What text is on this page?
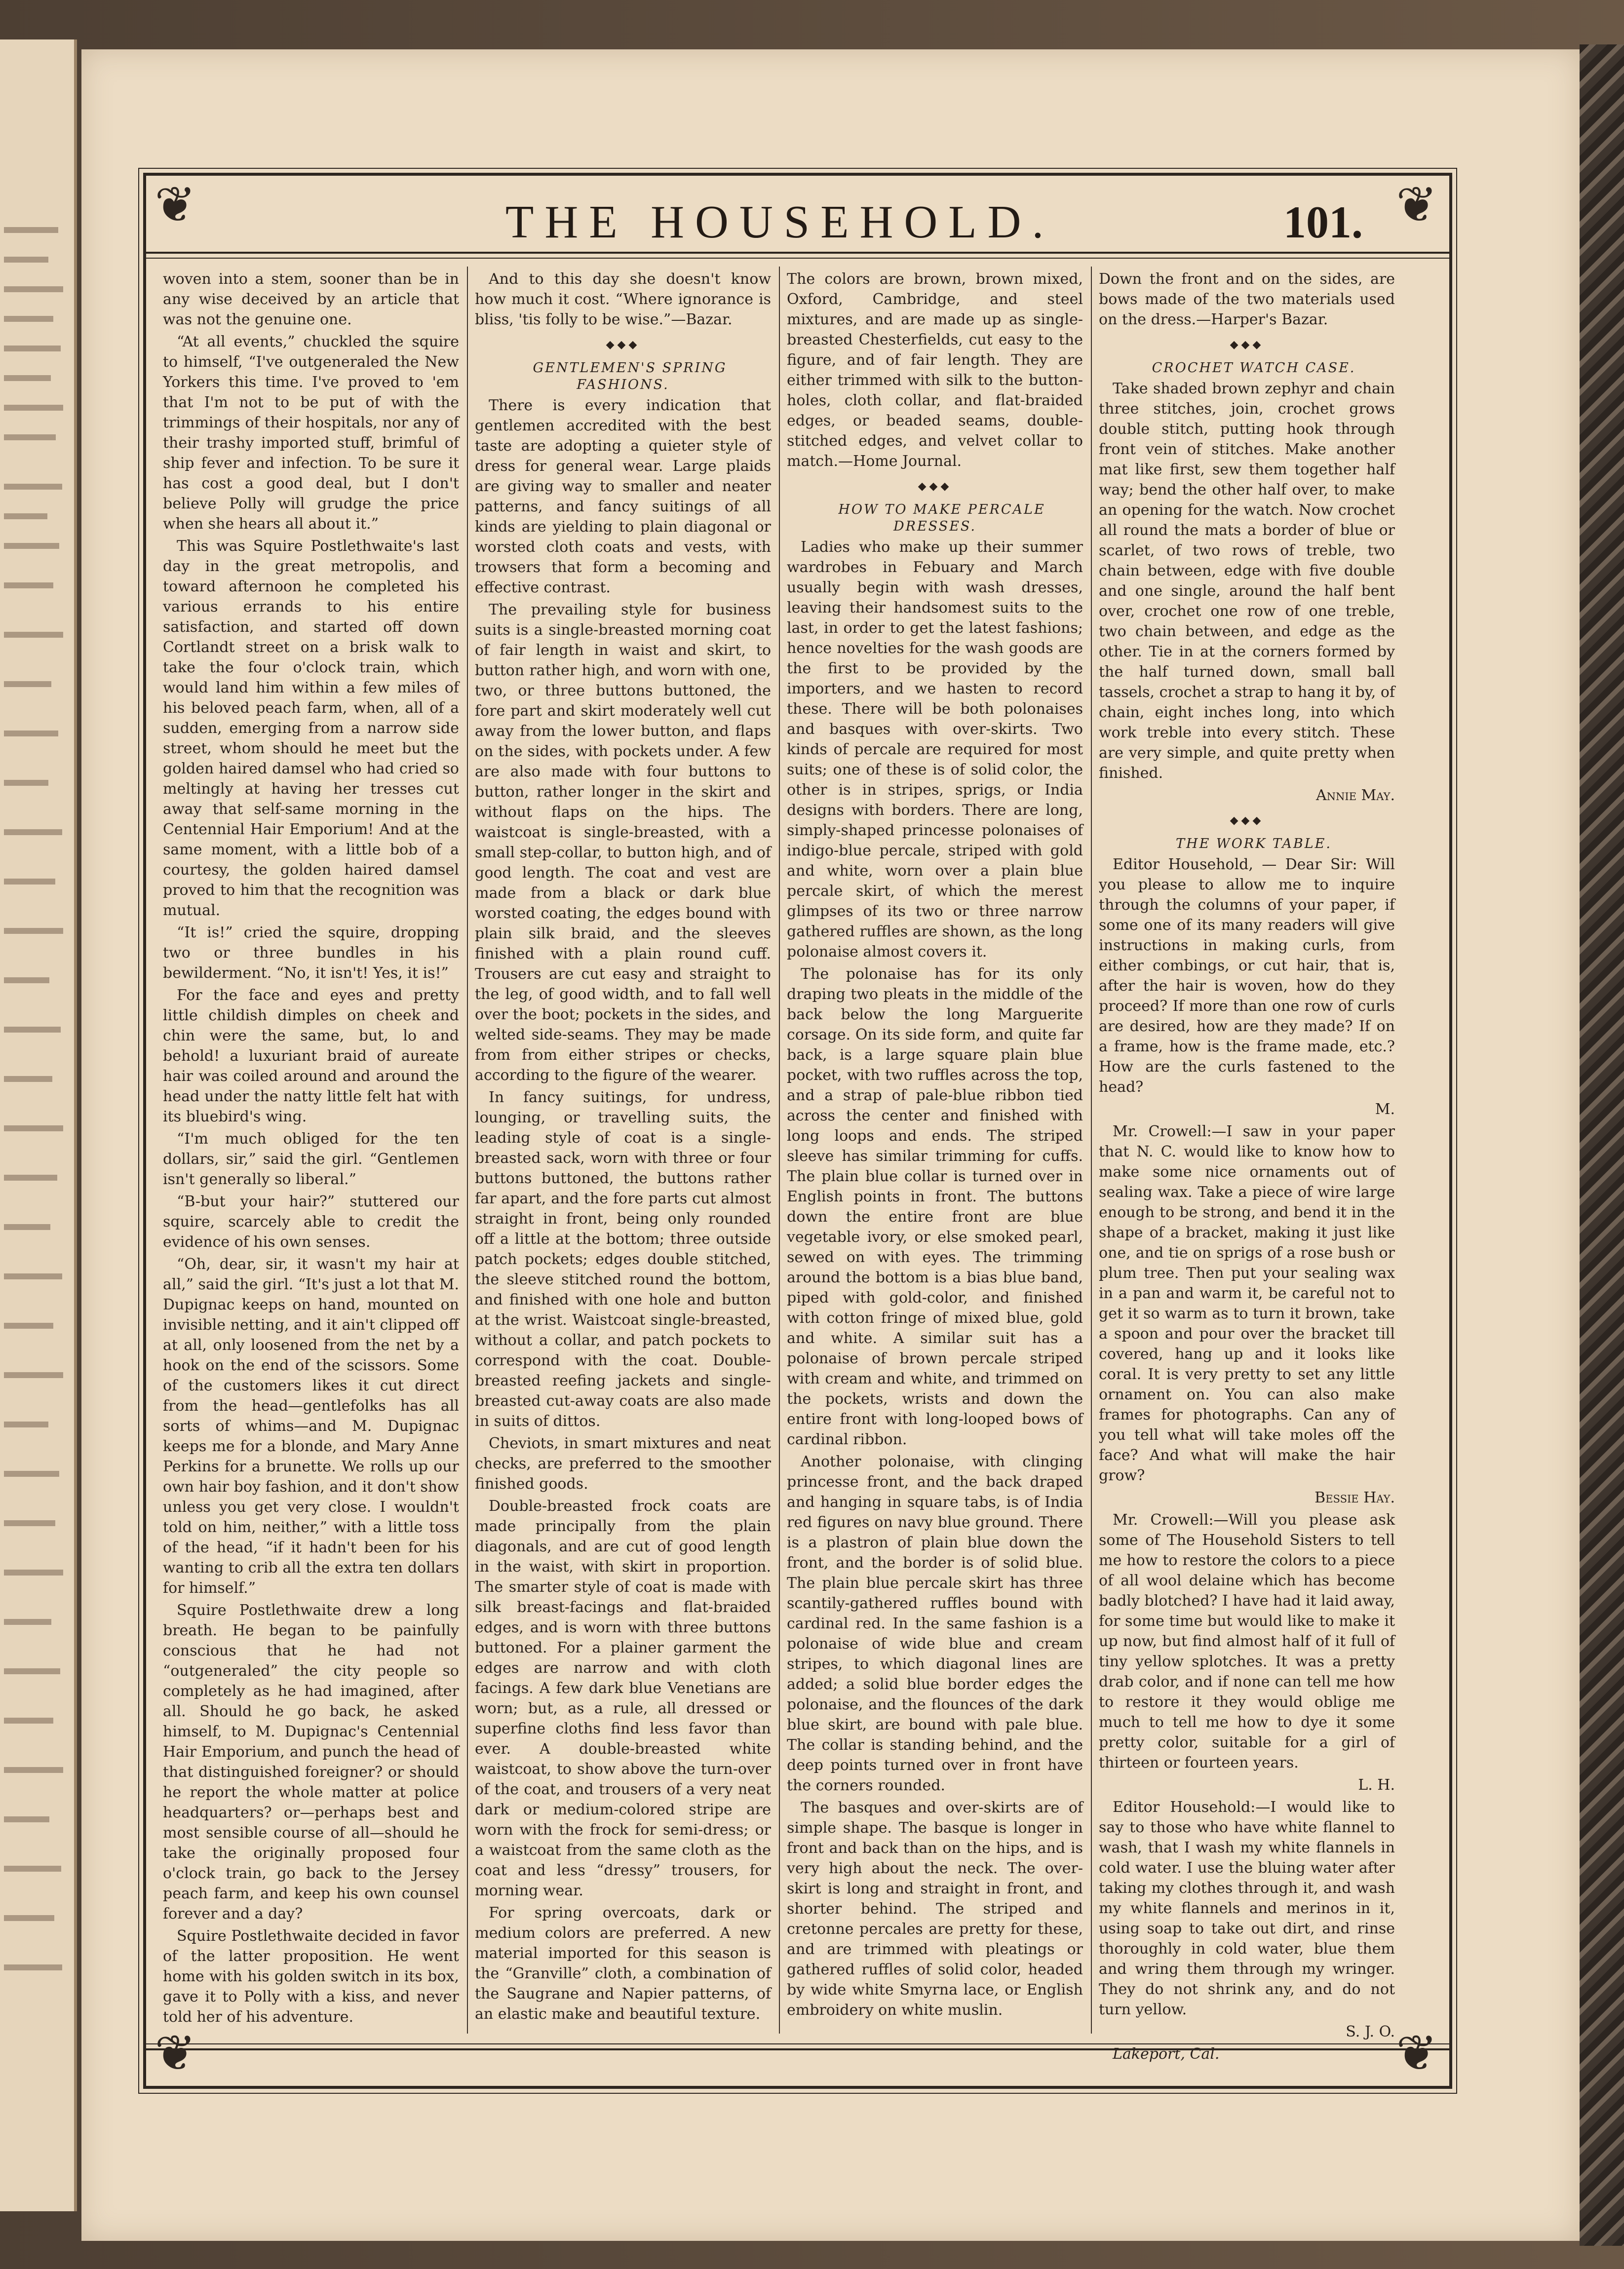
❦	❦
❦	❦
THE HOUSEHOLD.	101.

woven into a stem, sooner than be in any wise deceived by an article that was not the genuine one.

“At all events,” chuckled the squire to himself, “I've outgeneraled the New Yorkers this time. I've proved to 'em that I'm not to be put of with the trimmings of their hospitals, nor any of their trashy imported stuff, brimful of ship fever and infection. To be sure it has cost a good deal, but I don't believe Polly will grudge the price when she hears all about it.”

This was Squire Postlethwaite's last day in the great metropolis, and toward afternoon he completed his various errands to his entire satisfaction, and started off down Cortlandt street on a brisk walk to take the four o'clock train, which would land him within a few miles of his beloved peach farm, when, all of a sudden, emerging from a narrow side street, whom should he meet but the golden haired damsel who had cried so meltingly at having her tresses cut away that self-same morning in the Centennial Hair Emporium! And at the same moment, with a little bob of a courtesy, the golden haired damsel proved to him that the recognition was mutual.

“It is!” cried the squire, dropping two or three bundles in his bewilderment. “No, it isn't! Yes, it is!”

For the face and eyes and pretty little childish dimples on cheek and chin were the same, but, lo and behold! a luxuriant braid of aureate hair was coiled around and around the head under the natty little felt hat with its bluebird's wing.

“I'm much obliged for the ten dollars, sir,” said the girl. “Gentlemen isn't generally so liberal.”

“B-but your hair?” stuttered our squire, scarcely able to credit the evidence of his own senses.

“Oh, dear, sir, it wasn't my hair at all,” said the girl. “It's just a lot that M. Dupignac keeps on hand, mounted on invisible netting, and it ain't clipped off at all, only loosened from the net by a hook on the end of the scissors. Some of the customers likes it cut direct from the head—gentlefolks has all sorts of whims—and M. Dupignac keeps me for a blonde, and Mary Anne Perkins for a brunette. We rolls up our own hair boy fashion, and it don't show unless you get very close. I wouldn't told on him, neither,” with a little toss of the head, “if it hadn't been for his wanting to crib all the extra ten dollars for himself.”

Squire Postlethwaite drew a long breath. He began to be painfully conscious that he had not “outgeneraled” the city people so completely as he had imagined, after all. Should he go back, he asked himself, to M. Dupignac's Centennial Hair Emporium, and punch the head of that distinguished foreigner? or should he report the whole matter at police headquarters? or—perhaps best and most sensible course of all—should he take the originally proposed four o'clock train, go back to the Jersey peach farm, and keep his own counsel forever and a day?

Squire Postlethwaite decided in favor of the latter proposition. He went home with his golden switch in its box, gave it to Polly with a kiss, and never told her of his adventure.

And to this day she doesn't know how much it cost. “Where ignorance is bliss, 'tis folly to be wise.”—Bazar.

◆◆◆

GENTLEMEN'S SPRING FASHIONS.

There is every indication that gentlemen accredited with the best taste are adopting a quieter style of dress for general wear. Large plaids are giving way to smaller and neater patterns, and fancy suitings of all kinds are yielding to plain diagonal or worsted cloth coats and vests, with trowsers that form a becoming and effective contrast.

The prevailing style for business suits is a single-breasted morning coat of fair length in waist and skirt, to button rather high, and worn with one, two, or three buttons buttoned, the fore part and skirt moderately well cut away from the lower button, and flaps on the sides, with pockets under. A few are also made with four buttons to button, rather longer in the skirt and without flaps on the hips. The waistcoat is single-breasted, with a small step-collar, to button high, and of good length. The coat and vest are made from a black or dark blue worsted coating, the edges bound with plain silk braid, and the sleeves finished with a plain round cuff. Trousers are cut easy and straight to the leg, of good width, and to fall well over the boot; pockets in the sides, and welted side-seams. They may be made from from either stripes or checks, according to the figure of the wearer.

In fancy suitings, for undress, lounging, or travelling suits, the leading style of coat is a single-breasted sack, worn with three or four buttons buttoned, the buttons rather far apart, and the fore parts cut almost straight in front, being only rounded off a little at the bottom; three outside patch pockets; edges double stitched, the sleeve stitched round the bottom, and finished with one hole and button at the wrist. Waistcoat single-breasted, without a collar, and patch pockets to correspond with the coat. Double-breasted reefing jackets and single-breasted cut-away coats are also made in suits of dittos.

Cheviots, in smart mixtures and neat checks, are preferred to the smoother finished goods.

Double-breasted frock coats are made principally from the plain diagonals, and are cut of good length in the waist, with skirt in proportion. The smarter style of coat is made with silk breast-facings and flat-braided edges, and is worn with three buttons buttoned. For a plainer garment the edges are narrow and with cloth facings. A few dark blue Venetians are worn; but, as a rule, all dressed or superfine cloths find less favor than ever. A double-breasted white waistcoat, to show above the turn-over of the coat, and trousers of a very neat dark or medium-colored stripe are worn with the frock for semi-dress; or a waistcoat from the same cloth as the coat and less “dressy” trousers, for morning wear.

For spring overcoats, dark or medium colors are preferred. A new material imported for this season is the “Granville” cloth, a combination of the Saugrane and Napier patterns, of an elastic make and beautiful texture.

The colors are brown, brown mixed, Oxford, Cambridge, and steel mixtures, and are made up as single-breasted Chesterfields, cut easy to the figure, and of fair length. They are either trimmed with silk to the button-holes, cloth collar, and flat-braided edges, or beaded seams, double-stitched edges, and velvet collar to match.—Home Journal.

◆◆◆

HOW TO MAKE PERCALE DRESSES.

Ladies who make up their summer wardrobes in Febuary and March usually begin with wash dresses, leaving their handsomest suits to the last, in order to get the latest fashions; hence novelties for the wash goods are the first to be provided by the importers, and we hasten to record these. There will be both polonaises and basques with over-skirts. Two kinds of percale are required for most suits; one of these is of solid color, the other is in stripes, sprigs, or India designs with borders. There are long, simply-shaped princesse polonaises of indigo-blue percale, striped with gold and white, worn over a plain blue percale skirt, of which the merest glimpses of its two or three narrow gathered ruffles are shown, as the long polonaise almost covers it.

The polonaise has for its only draping two pleats in the middle of the back below the long Marguerite corsage. On its side form, and quite far back, is a large square plain blue pocket, with two ruffles across the top, and a strap of pale-blue ribbon tied across the center and finished with long loops and ends. The striped sleeve has similar trimming for cuffs. The plain blue collar is turned over in English points in front. The buttons down the entire front are blue vegetable ivory, or else smoked pearl, sewed on with eyes. The trimming around the bottom is a bias blue band, piped with gold-color, and finished with cotton fringe of mixed blue, gold and white. A similar suit has a polonaise of brown percale striped with cream and white, and trimmed on the pockets, wrists and down the entire front with long-looped bows of cardinal ribbon.

Another polonaise, with clinging princesse front, and the back draped and hanging in square tabs, is of India red figures on navy blue ground. There is a plastron of plain blue down the front, and the border is of solid blue. The plain blue percale skirt has three scantily-gathered ruffles bound with cardinal red. In the same fashion is a polonaise of wide blue and cream stripes, to which diagonal lines are added; a solid blue border edges the polonaise, and the flounces of the dark blue skirt, are bound with pale blue. The collar is standing behind, and the deep points turned over in front have the corners rounded.

The basques and over-skirts are of simple shape. The basque is longer in front and back than on the hips, and is very high about the neck. The over-skirt is long and straight in front, and shorter behind. The striped and cretonne percales are pretty for these, and are trimmed with pleatings or gathered ruffles of solid color, headed by wide white Smyrna lace, or English embroidery on white muslin.

Down the front and on the sides, are bows made of the two materials used on the dress.—Harper's Bazar.

◆◆◆

CROCHET WATCH CASE.

Take shaded brown zephyr and chain three stitches, join, crochet grows double stitch, putting hook through front vein of stitches. Make another mat like first, sew them together half way; bend the other half over, to make an opening for the watch. Now crochet all round the mats a border of blue or scarlet, of two rows of treble, two chain between, edge with five double and one single, around the half bent over, crochet one row of one treble, two chain between, and edge as the other. Tie in at the corners formed by the half turned down, small ball tassels, crochet a strap to hang it by, of chain, eight inches long, into which work treble into every stitch. These are very simple, and quite pretty when finished.

Annie May.

◆◆◆

THE WORK TABLE.

Editor Household, — Dear Sir: Will you please to allow me to inquire through the columns of your paper, if some one of its many readers will give instructions in making curls, from either combings, or cut hair, that is, after the hair is woven, how do they proceed? If more than one row of curls are desired, how are they made? If on a frame, how is the frame made, etc.? How are the curls fastened to the head?

M.

Mr. Crowell:—I saw in your paper that N. C. would like to know how to make some nice ornaments out of sealing wax. Take a piece of wire large enough to be strong, and bend it in the shape of a bracket, making it just like one, and tie on sprigs of a rose bush or plum tree. Then put your sealing wax in a pan and warm it, be careful not to get it so warm as to turn it brown, take a spoon and pour over the bracket till covered, hang up and it looks like coral. It is very pretty to set any little ornament on. You can also make frames for photographs. Can any of you tell what will take moles off the face? And what will make the hair grow?

Bessie Hay.

Mr. Crowell:—Will you please ask some of The Household Sisters to tell me how to restore the colors to a piece of all wool delaine which has become badly blotched? I have had it laid away, for some time but would like to make it up now, but find almost half of it full of tiny yellow splotches. It was a pretty drab color, and if none can tell me how to restore it they would oblige me much to tell me how to dye it some pretty color, suitable for a girl of thirteen or fourteen years.

L. H.

Editor Household:—I would like to say to those who have white flannel to wash, that I wash my white flannels in cold water. I use the bluing water after taking my clothes through it, and wash my white flannels and merinos in it, using soap to take out dirt, and rinse thoroughly in cold water, blue them and wring them through my wringer. They do not shrink any, and do not turn yellow.

S. J. O.

Lakeport, Cal.
